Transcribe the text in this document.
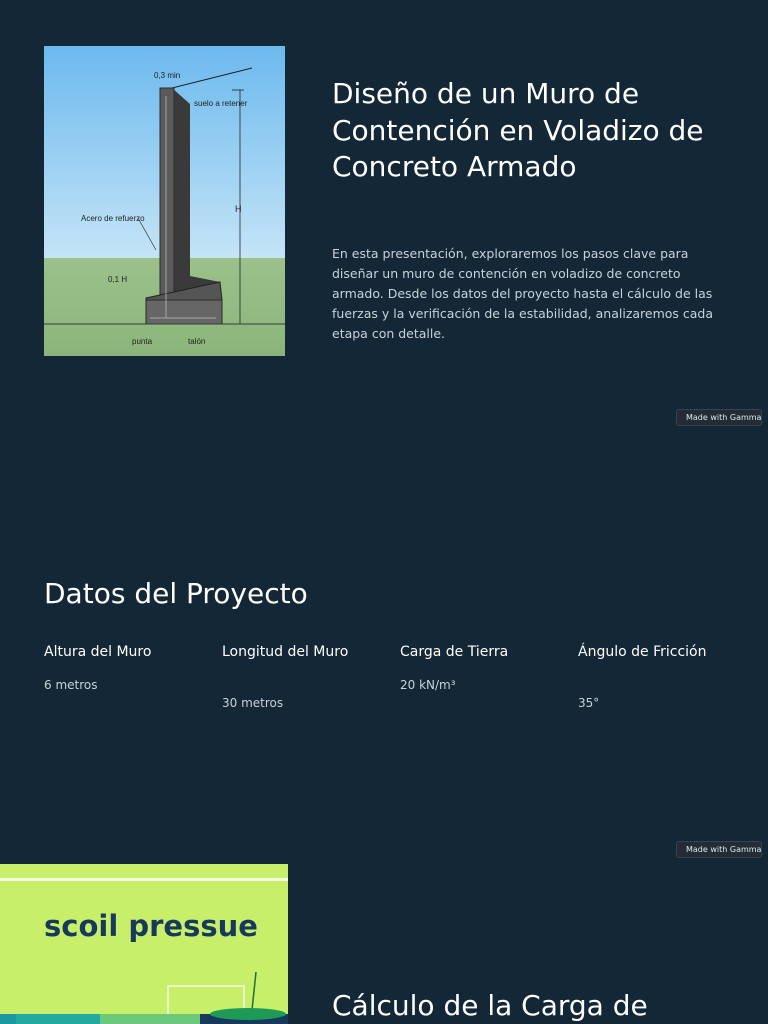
0,3 min
suelo a retener
H
Acero de refuerzo
0,1 H
punta	talón
Diseño de un Muro de Contención en Voladizo de Concreto Armado

En esta presentación, exploraremos los pasos clave para diseñar un muro de contención en voladizo de concreto armado. Desde los datos del proyecto hasta el cálculo de las fuerzas y la verificación de la estabilidad, analizaremos cada etapa con detalle.

Made with Gamma
Datos del Proyecto
Altura del Muro

6 metros

Longitud del Muro

30 metros

Carga de Tierra

20 kN/m³

Ángulo de Fricción

35°

Made with Gamma
scoil pressue
Cálculo de la Carga de
